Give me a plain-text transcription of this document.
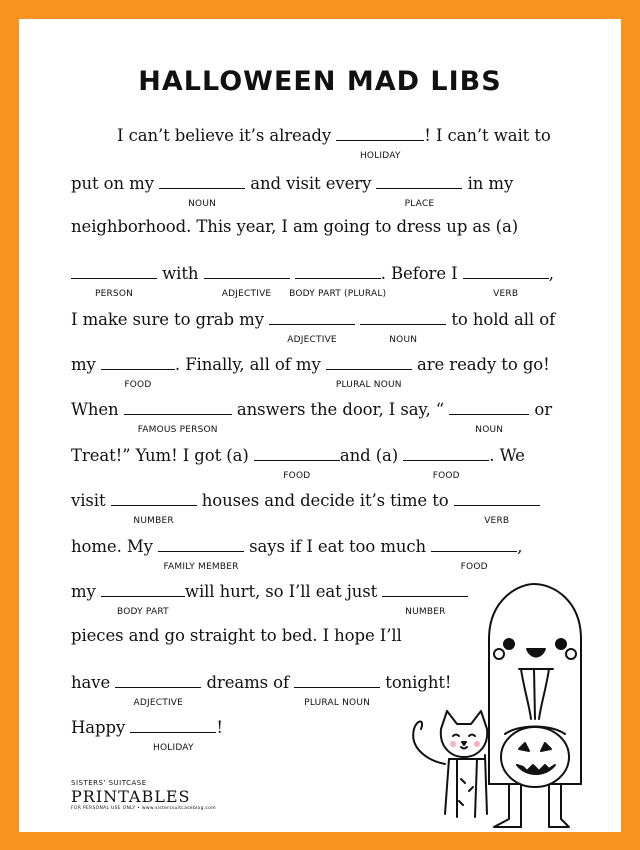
HALLOWEEN MAD LIBS
I can’t believe it’s already
HOLIDAY
! I can’t wait to
put on my
NOUN
and visit every
PLACE
in my
neighborhood. This year, I am going to dress up as (a)
PERSON
with
ADJECTIVE
BODY PART (PLURAL)
. Before I
VERB
,
I make sure to grab my
ADJECTIVE
	NOUN
to hold all of
my
FOOD
. Finally, all of my
PLURAL NOUN
are ready to go!
When
FAMOUS PERSON
answers the door, I say, “
NOUN
or
Treat!” Yum! I got (a)
FOOD
and (a)
FOOD
. We
visit
NUMBER
houses and decide it’s time to
VERB
home. My
FAMILY MEMBER
says if I eat too much
FOOD
,
my
BODY PART
will hurt, so I’ll eat just
NUMBER
pieces and go straight to bed. I hope I’ll
have
ADJECTIVE
dreams of
PLURAL NOUN
tonight!
Happy
HOLIDAY
!
SISTERS' SUITCASE
PRINTABLES
FOR PERSONAL USE ONLY • www.sisterssuitcaseblog.com
